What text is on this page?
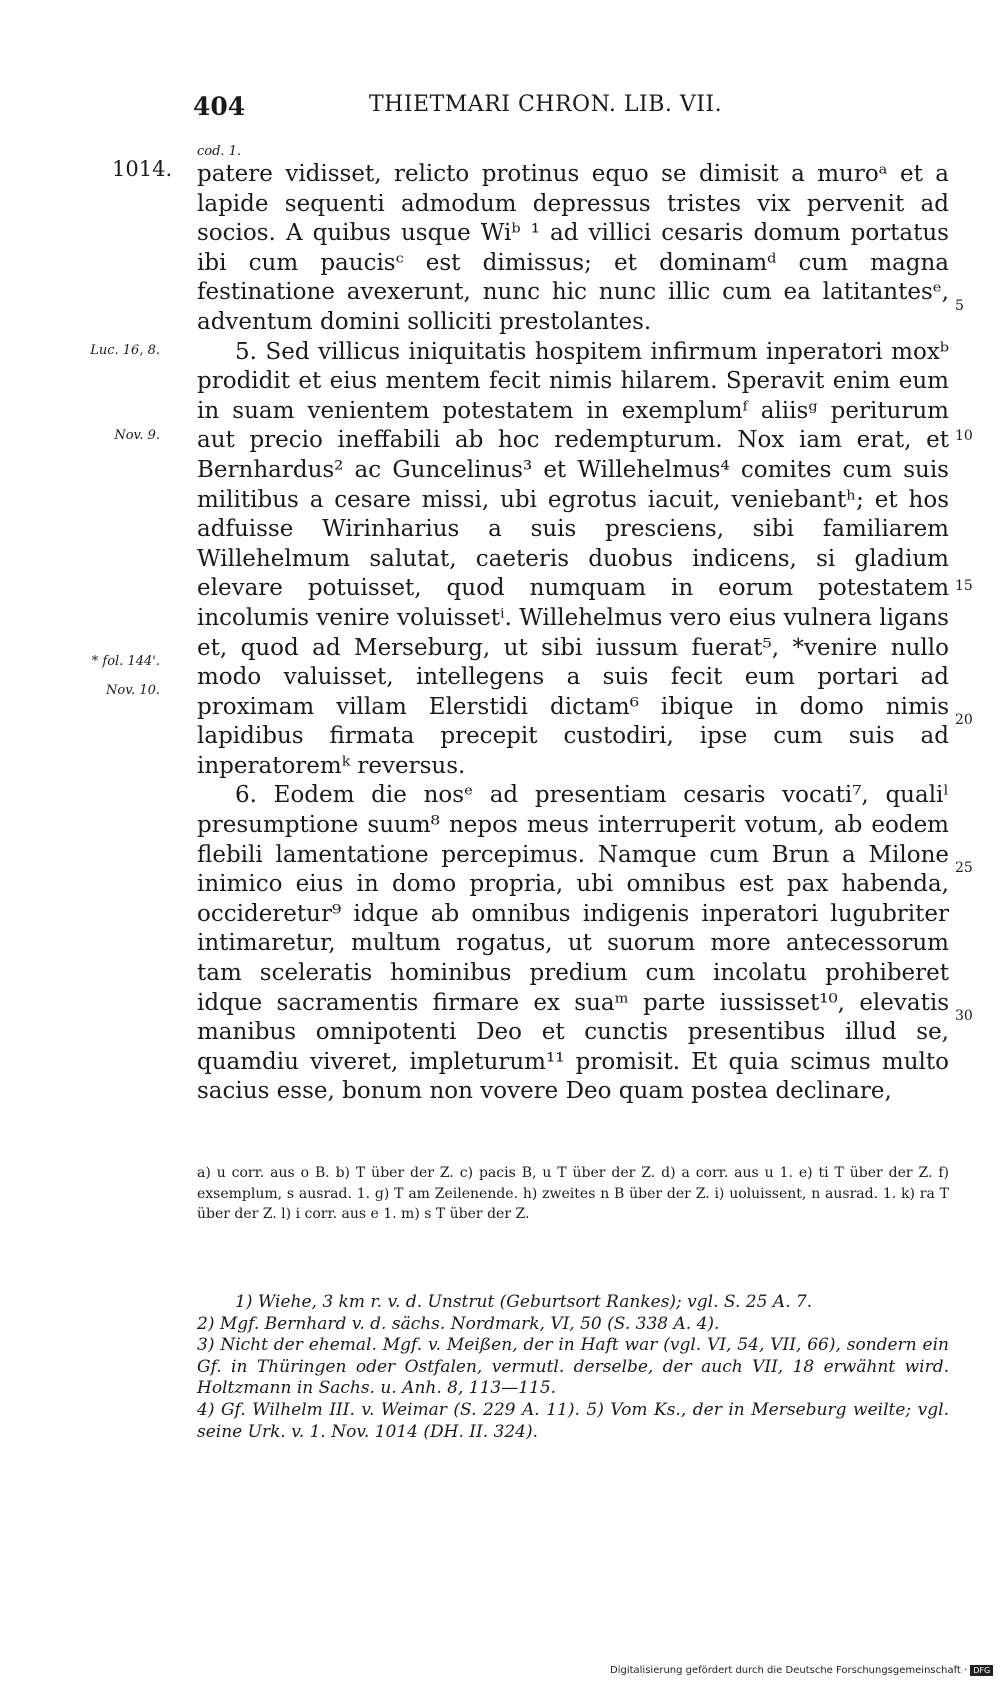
404	THIETMARI CHRON. LIB. VII.
cod. 1.
1014.
Luc. 16, 8.
Nov. 9.
* fol. 144'.
Nov. 10.
5
10
15
20
25
30

patere vidisset, relicto protinus equo se dimisit a muroᵃ et a lapide sequenti admodum depressus tristes vix pervenit ad socios. A quibus usque Wiᵇ ¹ ad villici cesaris domum portatus ibi cum paucisᶜ est dimissus; et dominamᵈ cum magna festinatione avexerunt, nunc hic nunc illic cum ea latitantesᵉ, adventum domini solliciti prestolantes.

5. Sed villicus iniquitatis hospitem infirmum inperatori moxᵇ prodidit et eius mentem fecit nimis hilarem. Speravit enim eum in suam venientem potestatem in exemplumᶠ aliisᵍ periturum aut precio ineffabili ab hoc redempturum. Nox iam erat, et Bernhardus² ac Guncelinus³ et Willehelmus⁴ comites cum suis militibus a cesare missi, ubi egrotus iacuit, veniebantʰ; et hos adfuisse Wirinharius a suis presciens, sibi familiarem Willehelmum salutat, caeteris duobus indicens, si gladium elevare potuisset, quod numquam in eorum potestatem incolumis venire voluissetⁱ. Willehelmus vero eius vulnera ligans et, quod ad Merseburg, ut sibi iussum fuerat⁵, *venire nullo modo valuisset, intellegens a suis fecit eum portari ad proximam villam Elerstidi dictam⁶ ibique in domo nimis lapidibus firmata precepit custodiri, ipse cum suis ad inperatoremᵏ reversus.

6. Eodem die nosᵉ ad presentiam cesaris vocati⁷, qualiˡ presumptione suum⁸ nepos meus interruperit votum, ab eodem flebili lamentatione percepimus. Namque cum Brun a Milone inimico eius in domo propria, ubi omnibus est pax habenda, occideretur⁹ idque ab omnibus indigenis inperatori lugubriter intimaretur, multum rogatus, ut suorum more antecessorum tam sceleratis hominibus predium cum incolatu prohiberet idque sacramentis firmare ex suaᵐ parte iussisset¹⁰, elevatis manibus omnipotenti Deo et cunctis presentibus illud se, quamdiu viveret, impleturum¹¹ promisit. Et quia scimus multo sacius esse, bonum non vovere Deo quam postea declinare,

a) u corr. aus o B. b) T über der Z. c) pacis B, u T über der Z. d) a corr. aus u 1. e) ti T über der Z. f) exsemplum, s ausrad. 1. g) T am Zeilenende. h) zweites n B über der Z. i) uoluissent, n ausrad. 1. k) ra T über der Z. l) i corr. aus e 1. m) s T über der Z.
1) Wiehe, 3 km r. v. d. Unstrut (Geburtsort Rankes); vgl. S. 25 A. 7.
2) Mgf. Bernhard v. d. sächs. Nordmark, VI, 50 (S. 338 A. 4).
3) Nicht der ehemal. Mgf. v. Meißen, der in Haft war (vgl. VI, 54, VII, 66), sondern ein Gf. in Thüringen oder Ostfalen, vermutl. derselbe, der auch VII, 18 erwähnt wird. Holtzmann in Sachs. u. Anh. 8, 113—115.
4) Gf. Wilhelm III. v. Weimar (S. 229 A. 11). 5) Vom Ks., der in Merseburg weilte; vgl. seine Urk. v. 1. Nov. 1014 (DH. II. 324).
Digitalisierung gefördert durch die Deutsche Forschungsgemeinschaft · DFG
